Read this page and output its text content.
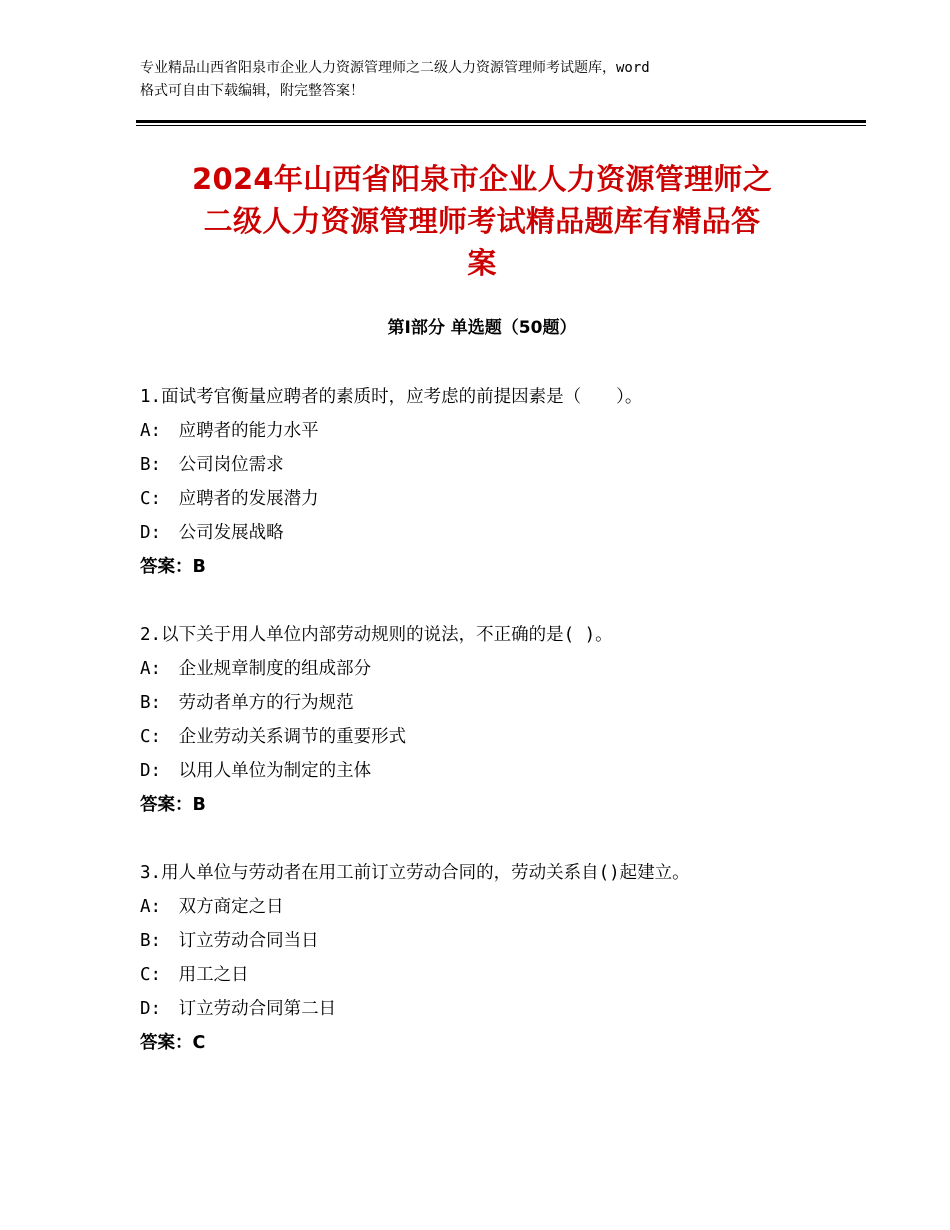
专业精品山西省阳泉市企业人力资源管理师之二级人力资源管理师考试题库，word
格式可自由下载编辑，附完整答案！
2024年山西省阳泉市企业人力资源管理师之
二级人力资源管理师考试精品题库有精品答
案
第Ⅰ部分 单选题（50题）
1.面试考官衡量应聘者的素质时，应考虑的前提因素是（　　）。
A:　应聘者的能力水平
B:　公司岗位需求
C:　应聘者的发展潜力
D:　公司发展战略
答案：B
2.以下关于用人单位内部劳动规则的说法，不正确的是( )。
A:　企业规章制度的组成部分
B:　劳动者单方的行为规范
C:　企业劳动关系调节的重要形式
D:　以用人单位为制定的主体
答案：B
3.用人单位与劳动者在用工前订立劳动合同的，劳动关系自()起建立。
A:　双方商定之日
B:　订立劳动合同当日
C:　用工之日
D:　订立劳动合同第二日
答案：C
